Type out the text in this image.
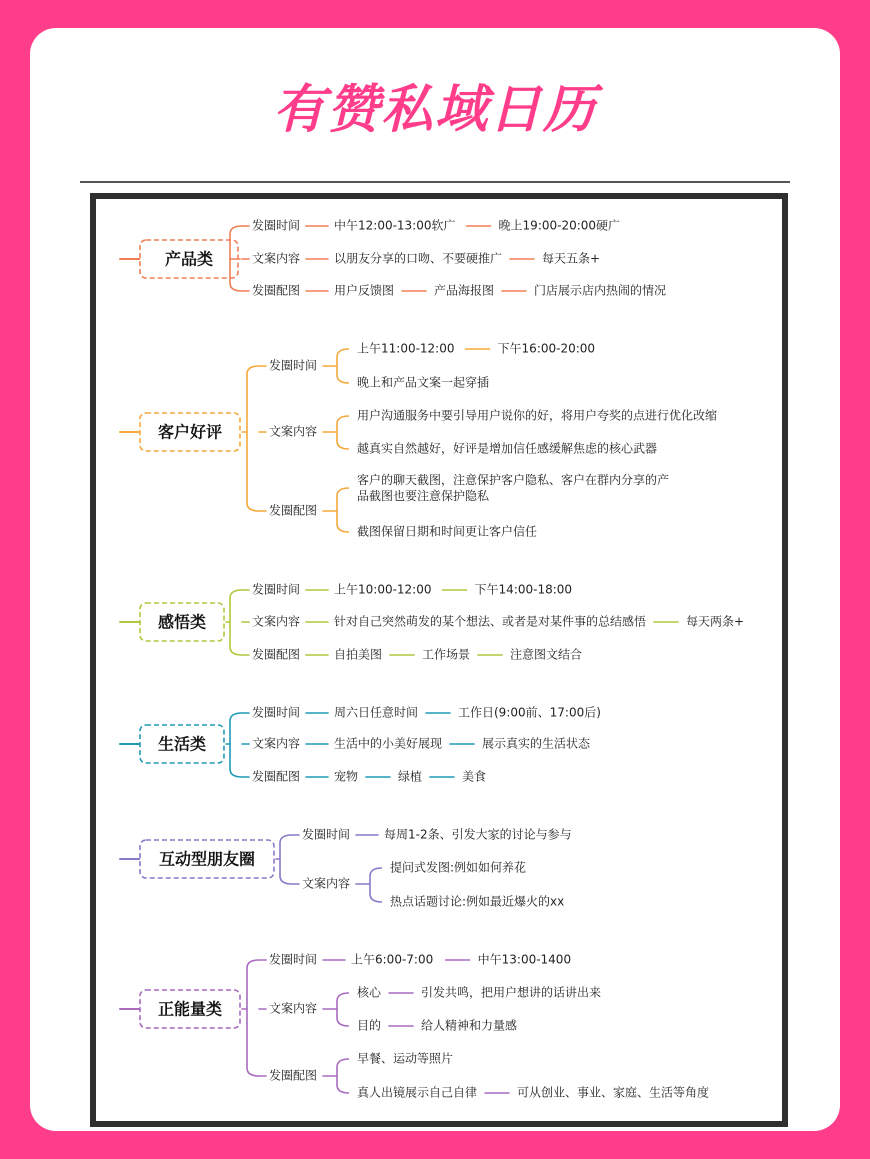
有赞私域日历
产品类
发圈时间	中午12:00-13:00软广	晚上19:00-20:00硬广
文案内容	以朋友分享的口吻、不要硬推广	每天五条+
发圈配图	用户反馈图	产品海报图	门店展示店内热闹的情况
客户好评
发圈时间
上午11:00-12:00	下午16:00-20:00
晚上和产品文案一起穿插
文案内容
用户沟通服务中要引导用户说你的好，将用户夸奖的点进行优化改缩
越真实自然越好，好评是增加信任感缓解焦虑的核心武器
发圈配图
客户的聊天截图，注意保护客户隐私、客户在群内分享的产品截图也要注意保护隐私
截图保留日期和时间更让客户信任
感悟类
发圈时间	上午10:00-12:00	下午14:00-18:00
文案内容	针对自己突然萌发的某个想法、或者是对某件事的总结感悟	每天两条+
发圈配图	自拍美图	工作场景	注意图文结合
生活类
发圈时间	周六日任意时间	工作日(9:00前、17:00后)
文案内容	生活中的小美好展现	展示真实的生活状态
发圈配图	宠物	绿植	美食
互动型朋友圈
发圈时间	每周1-2条、引发大家的讨论与参与
文案内容
提问式发图:例如如何养花
热点话题讨论:例如最近爆火的xx
正能量类
发圈时间	上午6:00-7:00	中午13:00-1400
文案内容
核心	引发共鸣，把用户想讲的话讲出来
目的	给人精神和力量感
发圈配图
早餐、运动等照片
真人出镜展示自己自律	可从创业、事业、家庭、生活等角度
